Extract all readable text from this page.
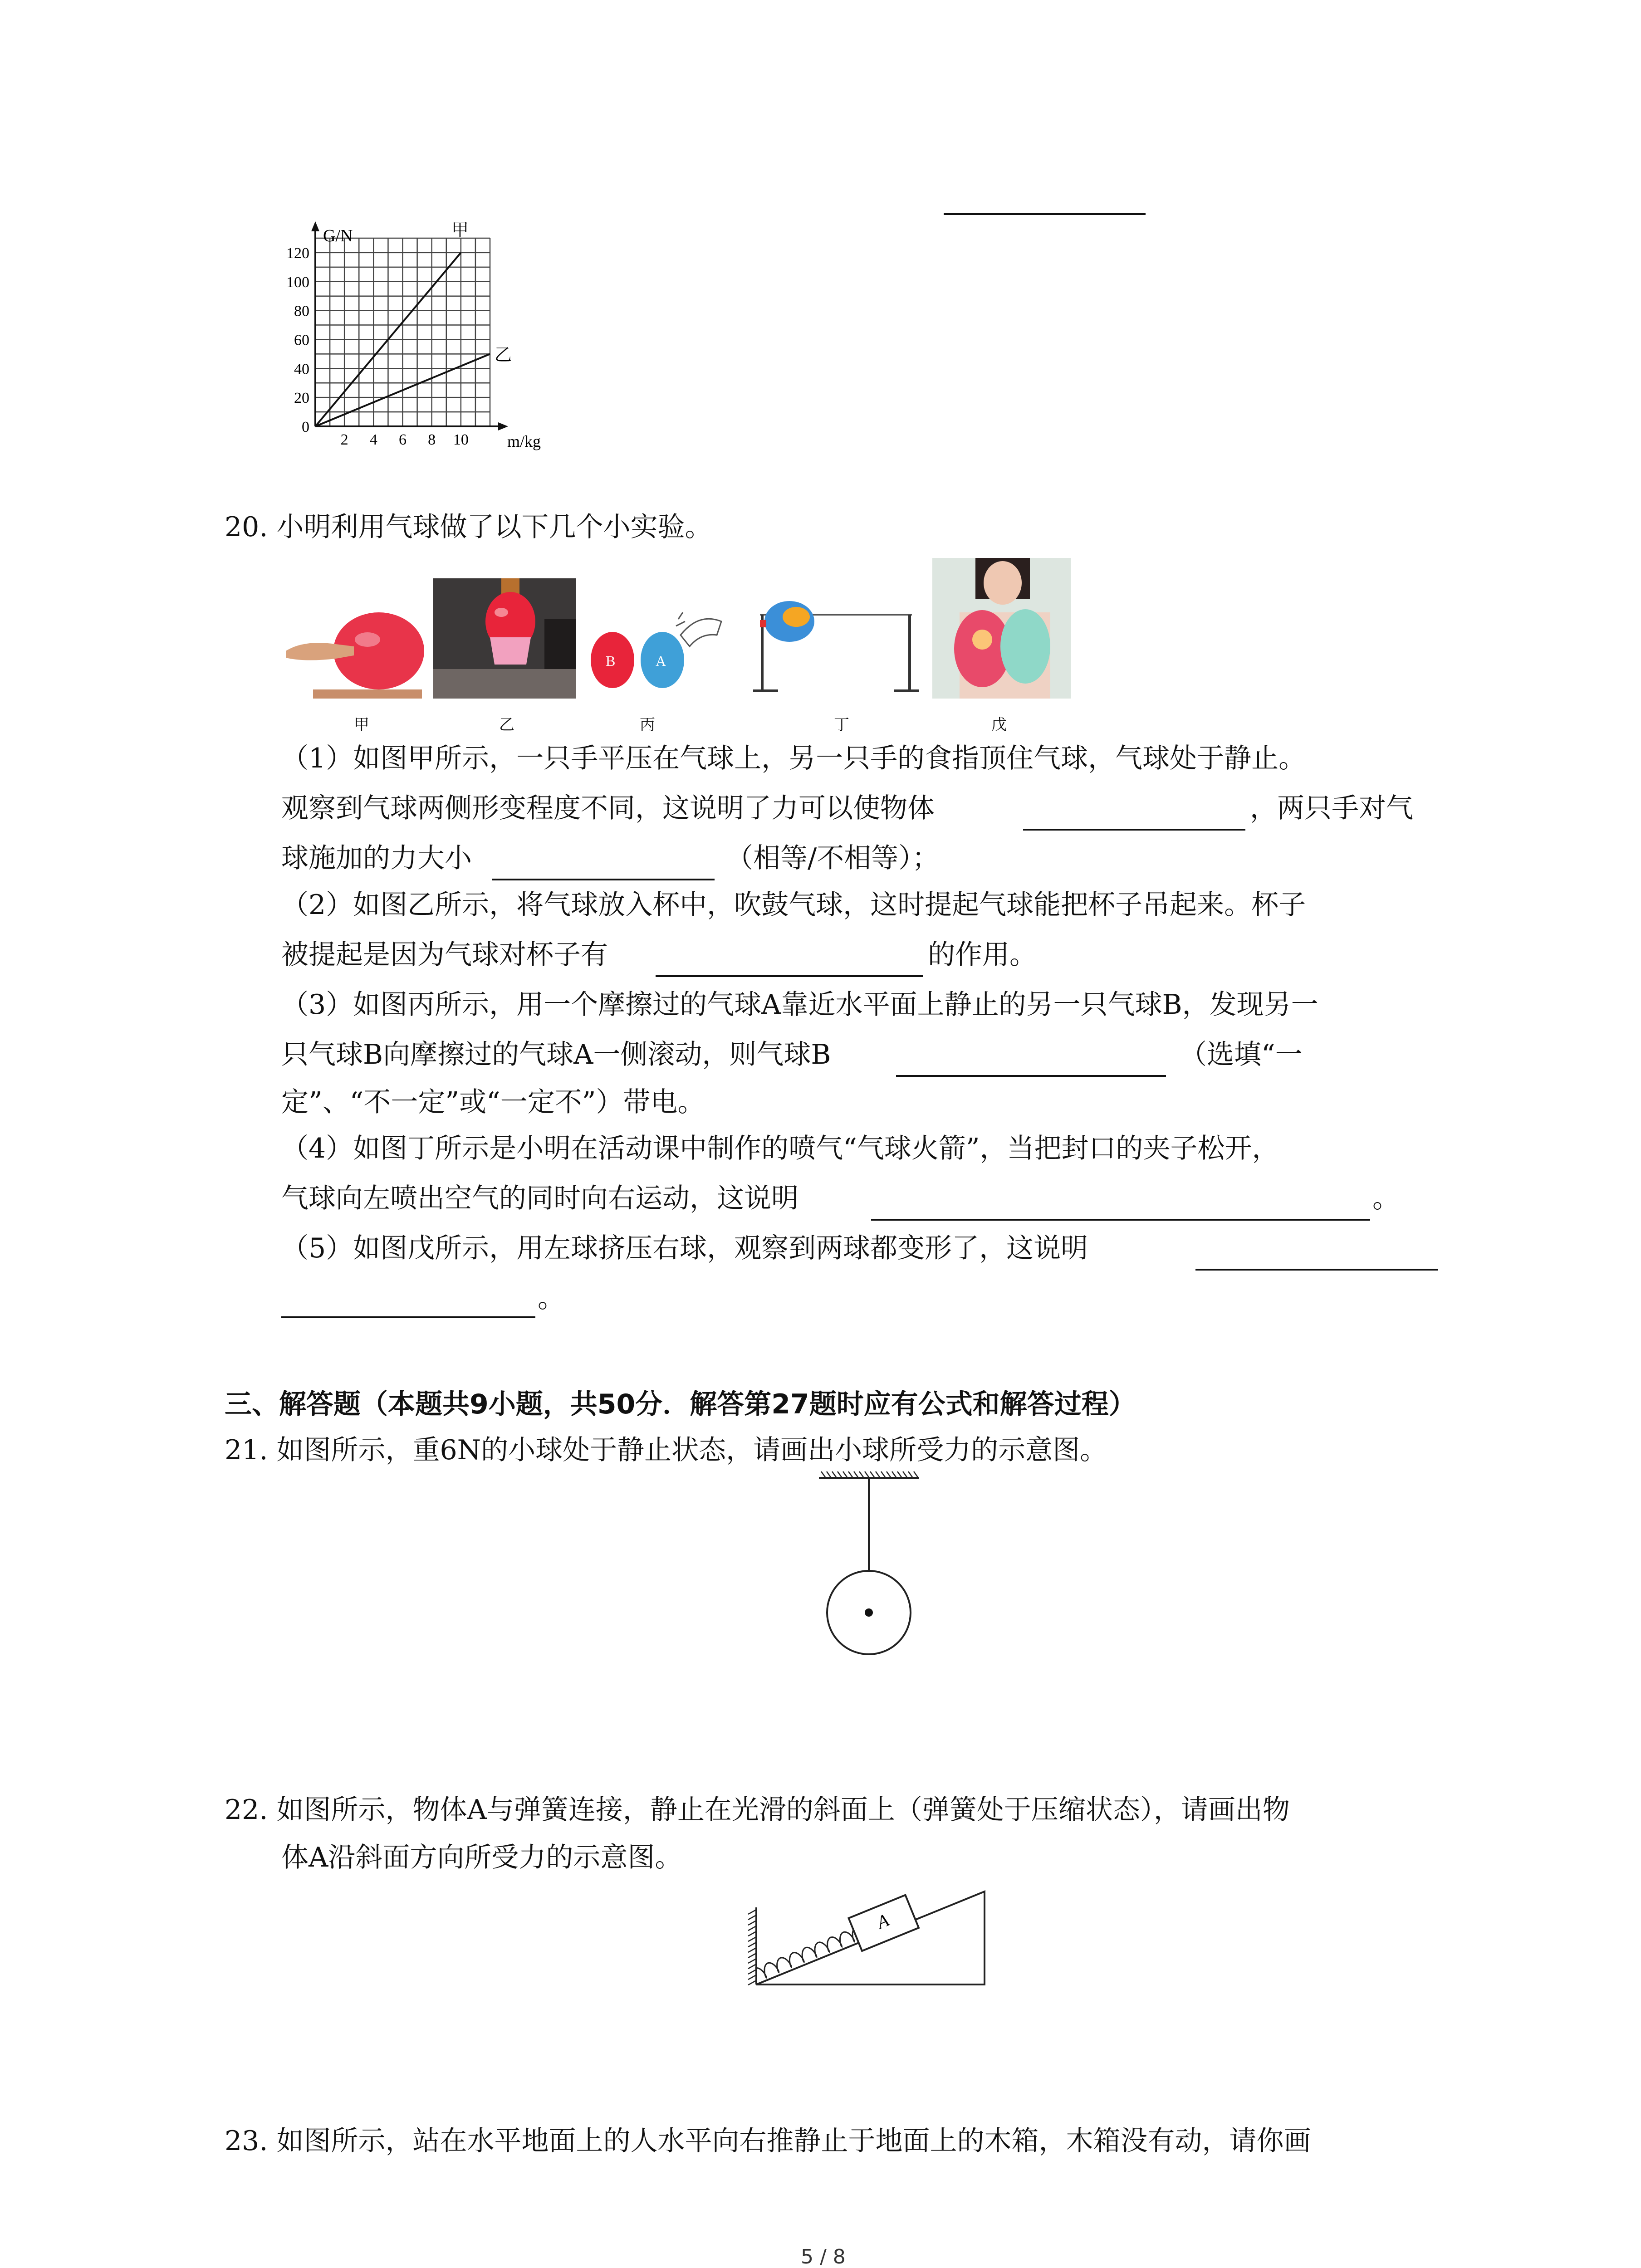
G/N
m/kg
120
100
80
60
40
20
0
2 4 6 8 10
甲
乙
20. 小明利用气球做了以下几个小实验。
甲	乙
B	A
丙	丁	戊
（1）如图甲所示，一只手平压在气球上，另一只手的食指顶住气球，气球处于静止。
观察到气球两侧形变程度不同，这说明了力可以使物体	，两只手对气
球施加的力大小	（相等/不相等）；
（2）如图乙所示，将气球放入杯中，吹鼓气球，这时提起气球能把杯子吊起来。杯子
被提起是因为气球对杯子有	的作用。
（3）如图丙所示，用一个摩擦过的气球A靠近水平面上静止的另一只气球B，发现另一
只气球B向摩擦过的气球A一侧滚动，则气球B	（选填“一
定”、“不一定”或“一定不”）带电。
（4）如图丁所示是小明在活动课中制作的喷气“气球火箭”，当把封口的夹子松开，
气球向左喷出空气的同时向右运动，这说明	。
（5）如图戊所示，用左球挤压右球，观察到两球都变形了，这说明
。
三、解答题（本题共9小题，共50分．解答第27题时应有公式和解答过程）
21. 如图所示，重6N的小球处于静止状态，请画出小球所受力的示意图。
22. 如图所示，物体A与弹簧连接，静止在光滑的斜面上（弹簧处于压缩状态），请画出物
体A沿斜面方向所受力的示意图。
A
23. 如图所示，站在水平地面上的人水平向右推静止于地面上的木箱，木箱没有动，请你画
5 / 8
